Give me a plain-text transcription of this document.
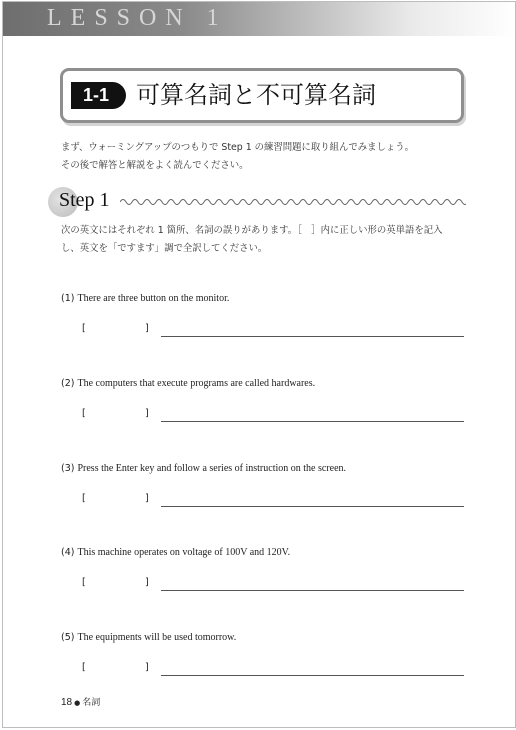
LESSON 1
1-1	可算名詞と不可算名詞
まず、ウォーミングアップのつもりで Step 1 の練習問題に取り組んでみましょう。
その後で解答と解説をよく読んでください。
Step 1
次の英文にはそれぞれ 1 箇所、名詞の誤りがあります。［　］内に正しい形の英単語を記入
し、英文を「ですます」調で全訳してください。
(1) There are three button on the monitor.
[	]
(2) The computers that execute programs are called hardwares.
[	]
(3) Press the Enter key and follow a series of instruction on the screen.
[	]
(4) This machine operates on voltage of 100V and 120V.
[	]
(5) The equipments will be used tomorrow.
[	]
18 ● 名詞
